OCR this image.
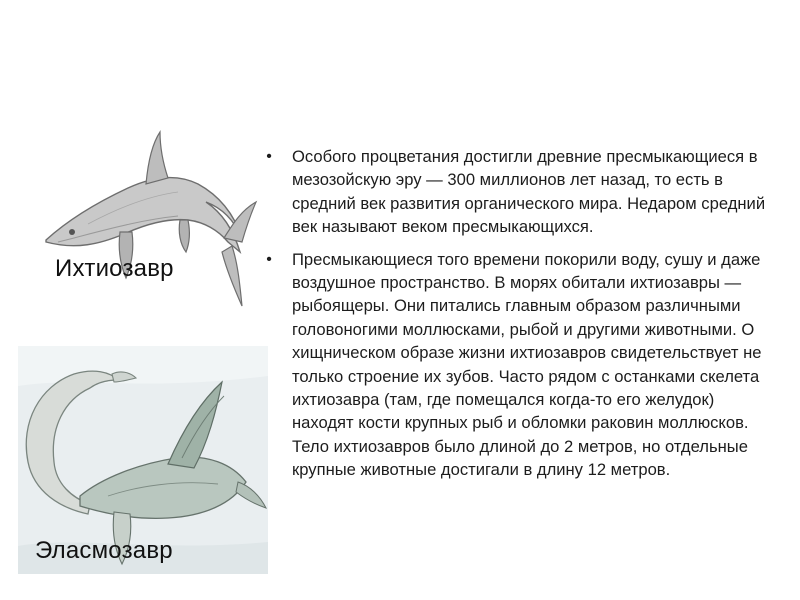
Ихтиозавр
Эласмозавр
• Особого процветания достигли древние пресмыкающиеся в мезозойскую эру — 300 миллионов лет назад, то есть в средний век развития органического мира. Недаром средний век называют веком пресмыкающихся.
• Пресмыкающиеся того времени покорили воду, сушу и даже воздушное пространство. В морях обитали ихтиозавры — рыбоящеры. Они питались главным образом различными головоногими моллюсками, рыбой и другими животными. О хищническом образе жизни ихтиозавров свидетельствует не только строение их зубов. Часто рядом с останками скелета ихтиозавра (там, где помещался когда-то его желудок) находят кости крупных рыб и обломки раковин моллюсков. Тело ихтиозавров было длиной до 2 метров, но отдельные крупные животные достигали в длину 12 метров.
